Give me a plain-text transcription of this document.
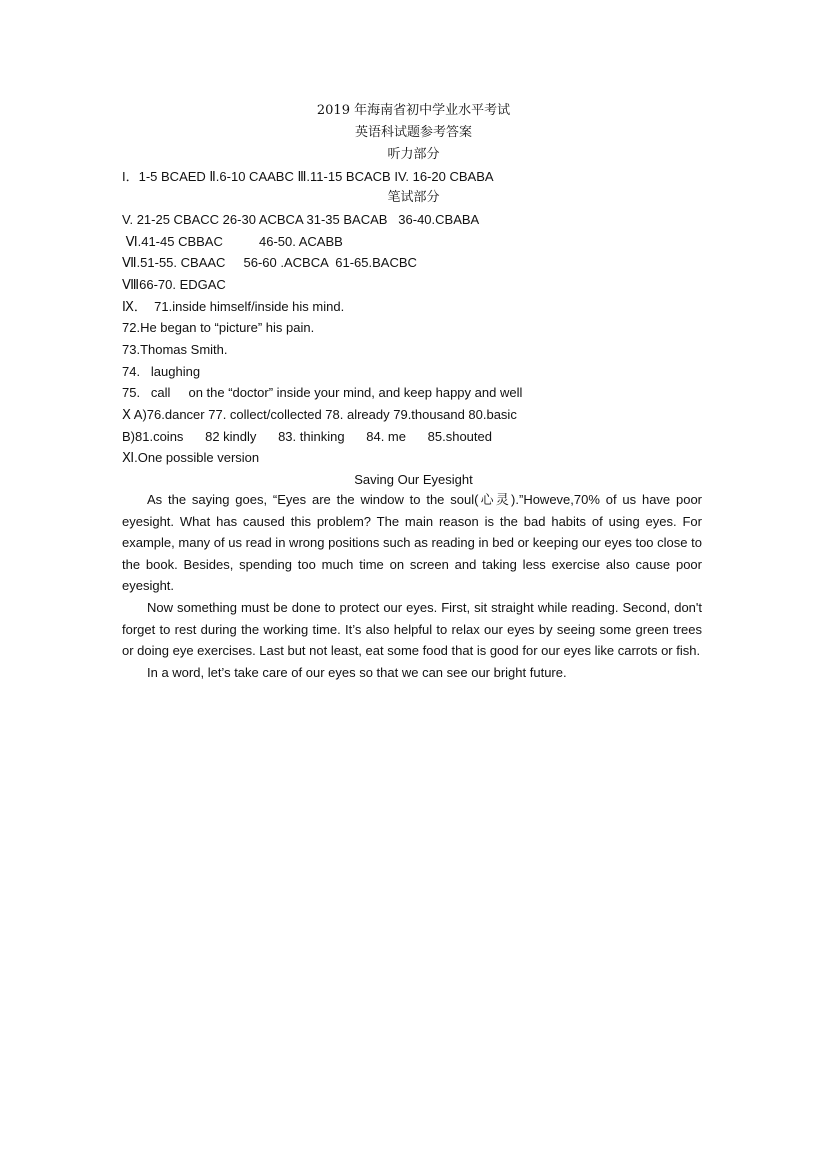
2019 年海南省初中学业水平考试
英语科试题参考答案
听力部分
I．1-5 BCAED Ⅱ.6-10 CAABC Ⅲ.11-15 BCACB IV. 16-20 CBABA
笔试部分
V. 21-25 CBACC 26-30 ACBCA 31-35 BACAB   36-40.CBABA
Ⅵ.41-45 CBBAC          46-50. ACABB
Ⅶ.51-55. CBAAC     56-60 .ACBCA  61-65.BACBC
Ⅷ66-70. EDGAC
Ⅸ．  71.inside himself/inside his mind.
72.He began to “picture” his pain.
73.Thomas Smith.
74.   laughing
75.   call     on the “doctor” inside your mind, and keep happy and well
Ⅹ A)76.dancer 77. collect/collected 78. already 79.thousand 80.basic
B)81.coins      82 kindly      83. thinking      84. me      85.shouted
Ⅺ.One possible version
Saving Our Eyesight

As the saying goes, “Eyes are the window to the soul(心灵).”Howeve,70% of us have poor eyesight. What has caused this problem? The main reason is the bad habits of using eyes. For example, many of us read in wrong positions such as reading in bed or keeping our eyes too close to the book. Besides, spending too much time on screen and taking less exercise also cause poor eyesight.

Now something must be done to protect our eyes. First, sit straight while reading. Second, don't forget to rest during the working time. It’s also helpful to relax our eyes by seeing some green trees or doing eye exercises. Last but not least, eat some food that is good for our eyes like carrots or fish.

In a word, let’s take care of our eyes so that we can see our bright future.
